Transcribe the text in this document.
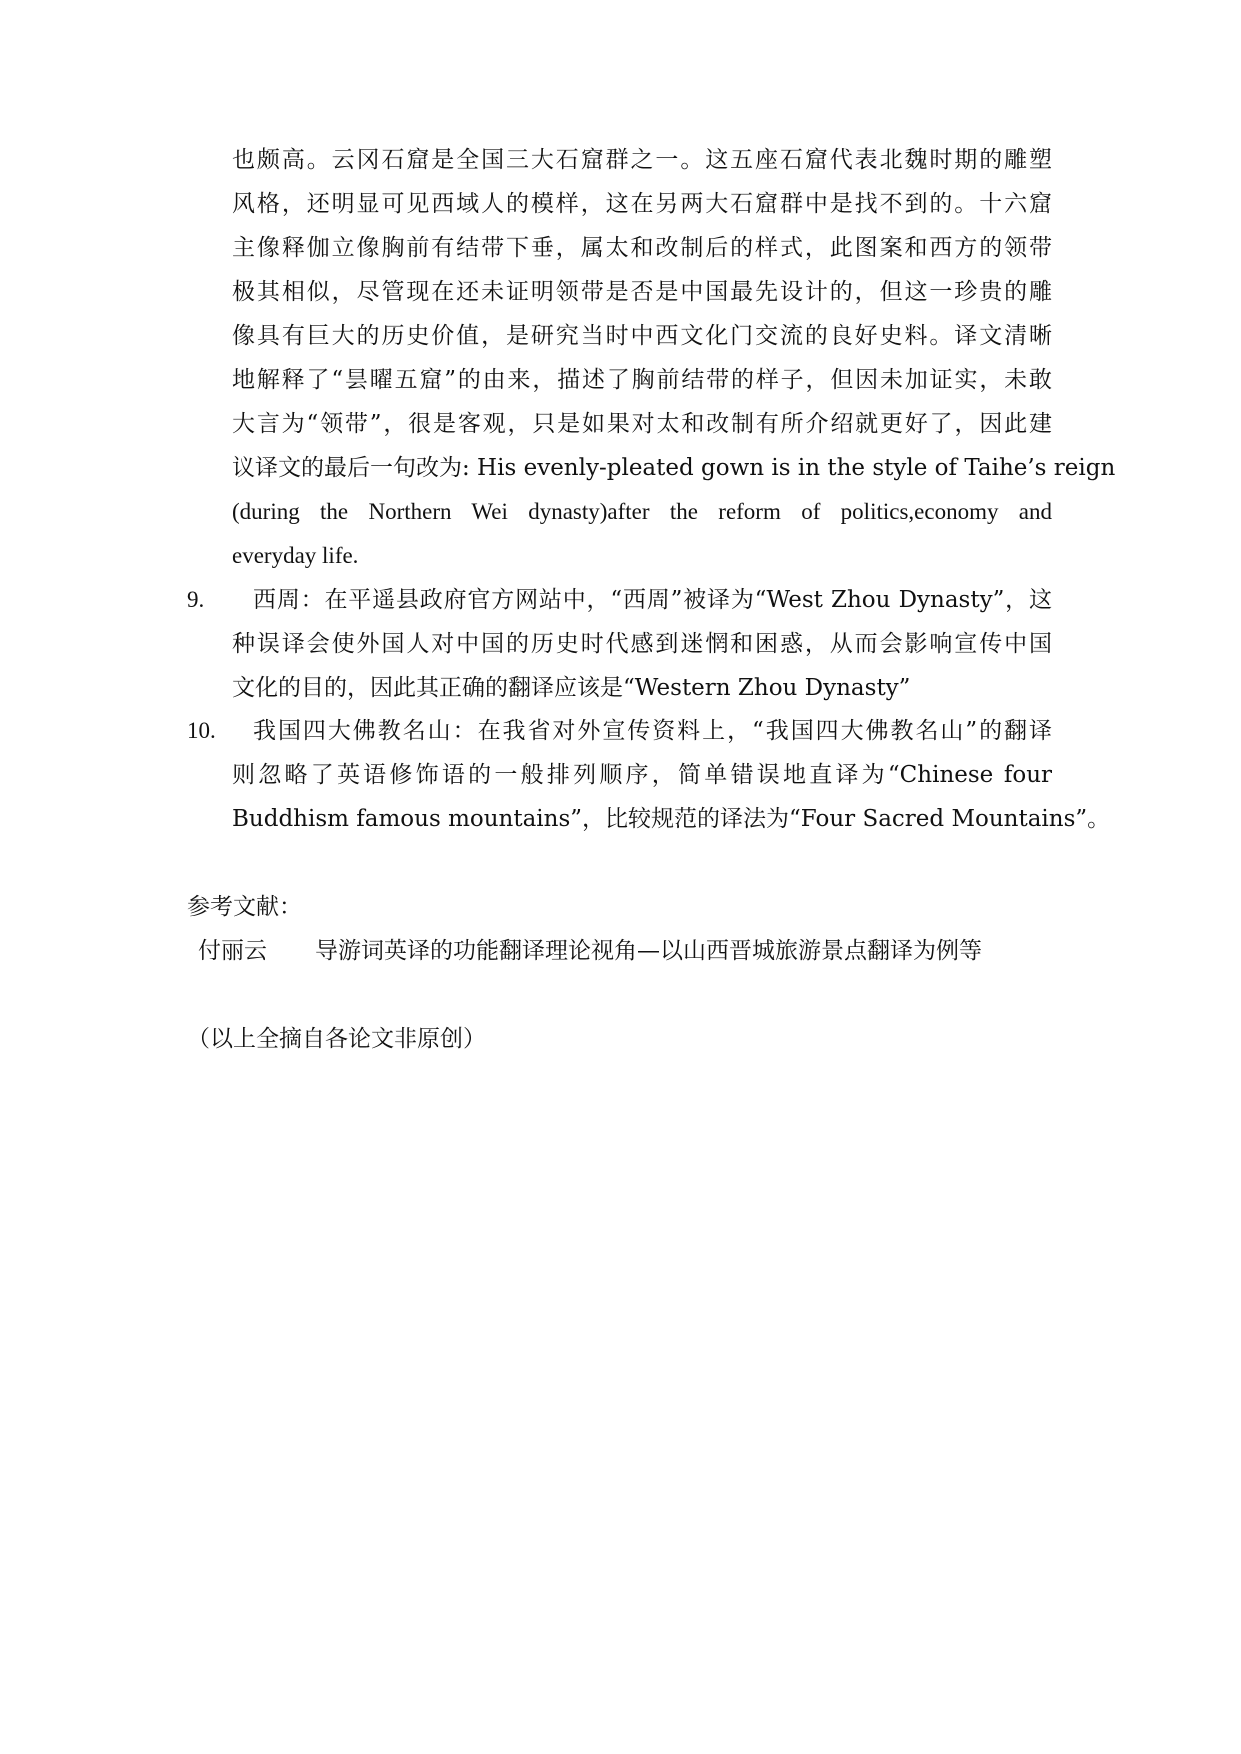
也颇高。云冈石窟是全国三大石窟群之一。这五座石窟代表北魏时期的雕塑
风格，还明显可见西域人的模样，这在另两大石窟群中是找不到的。十六窟
主像释伽立像胸前有结带下垂，属太和改制后的样式，此图案和西方的领带
极其相似，尽管现在还未证明领带是否是中国最先设计的，但这一珍贵的雕
像具有巨大的历史价值，是研究当时中西文化门交流的良好史料。译文清晰
地解释了“昙曜五窟”的由来，描述了胸前结带的样子，但因未加证实，未敢
大言为“领带”，很是客观，只是如果对太和改制有所介绍就更好了，因此建
议译文的最后一句改为: His evenly-pleated gown is in the style of Taihe’s reign
(during the Northern Wei dynasty)after the reform of politics,economy and
everyday life.
9. 西周：在平遥县政府官方网站中，“西周”被译为“West Zhou Dynasty”，这
种误译会使外国人对中国的历史时代感到迷惘和困惑，从而会影响宣传中国
文化的目的，因此其正确的翻译应该是“Western Zhou Dynasty”
10. 我国四大佛教名山：在我省对外宣传资料上，“我国四大佛教名山”的翻译
则忽略了英语修饰语的一般排列顺序，简单错误地直译为“Chinese four
Buddhism famous mountains”，比较规范的译法为“Four Sacred Mountains”。
参考文献：
付丽云 导游词英译的功能翻译理论视角—以山西晋城旅游景点翻译为例等
（以上全摘自各论文非原创）
